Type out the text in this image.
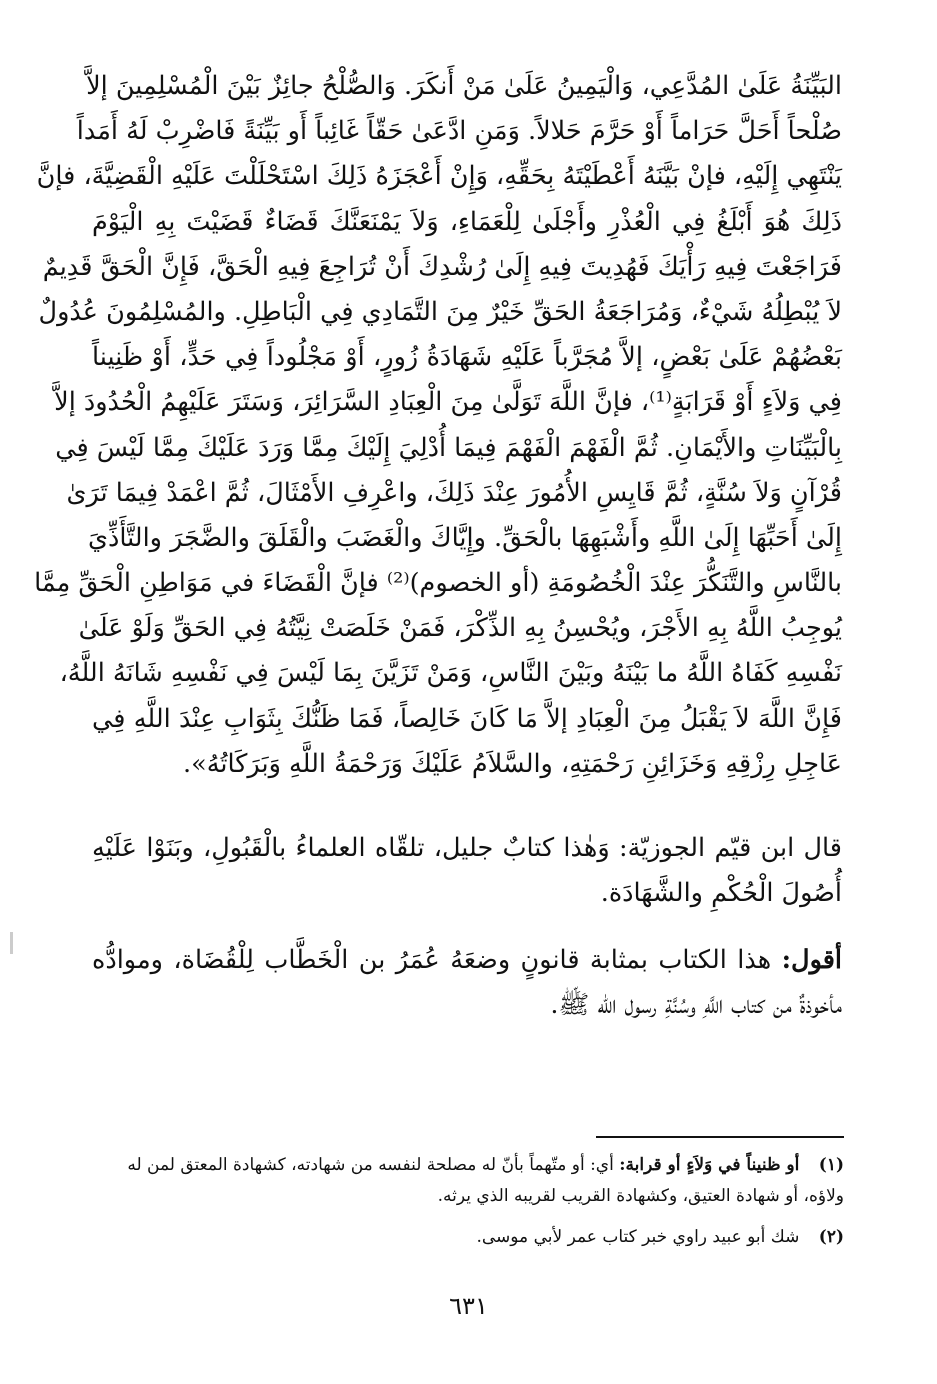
البَيِّنَةُ عَلَىٰ المُدَّعِي، وَالْيَمِينُ عَلَىٰ مَنْ أَنكَرَ. وَالصُّلْحُ جائِزٌ بَيْنَ الْمُسْلِمِينَ إلاَّ
صُلْحاً أَحَلَّ حَرَاماً أَوْ حَرَّمَ حَلالاً. وَمَنِ ادَّعَىٰ حَقّاً غَائِباً أَو بَيِّنَةً فَاضْرِبْ لَهُ أَمَداً
يَنْتَهِي إِلَيْهِ، فإنْ بَيَّنَهُ أَعْطَيْتَهُ بِحَقِّهِ، وَإِنْ أَعْجَزَهُ ذَلِكَ اسْتَحْلَلْتَ عَلَيْهِ الْقَضِيَّةَ، فإنَّ
ذَلِكَ هُوَ أَبْلَغُ فِي الْعُذْرِ وأَجْلَىٰ لِلْعَمَاءِ، وَلاَ يَمْنَعَنَّكَ قَضَاءٌ قَضَيْتَ بِهِ الْيَوْمَ
فَرَاجَعْتَ فِيهِ رَأْيَكَ فَهُدِيتَ فِيهِ إِلَىٰ رُشْدِكَ أَنْ تُرَاجِعَ فِيهِ الْحَقَّ، فَإِنَّ الْحَقَّ قَدِيمٌ
لاَ يُبْطِلُهُ شَيْءٌ، وَمُرَاجَعَةُ الحَقِّ خَيْرٌ مِنَ التَّمَادِي فِي الْبَاطِلِ. والمُسْلِمُونَ عُدُولٌ
بَعْضُهُمْ عَلَىٰ بَعْضٍ، إلاَّ مُجَرَّباً عَلَيْهِ شَهَادَةُ زُورٍ، أَوْ مَجْلُوداً فِي حَدٍّ، أَوْ ظَنِيناً
فِي وَلاَءٍ أَوْ قَرَابَةٍ⁽¹⁾، فإنَّ اللَّهَ تَوَلَّىٰ مِنَ الْعِبَادِ السَّرَائِرَ، وَسَتَرَ عَلَيْهِمُ الْحُدُودَ إلاَّ
بِالْبَيِّنَاتِ والأَيْمَانِ. ثُمَّ الْفَهْمَ الْفَهْمَ فِيمَا أُدْلِيَ إِلَيْكَ مِمَّا وَرَدَ عَلَيْكَ مِمَّا لَيْسَ فِي
قُرْآنٍ وَلاَ سُنَّةٍ، ثُمَّ قَايِسِ الأُمُورَ عِنْدَ ذَلِكَ، واعْرِفِ الأَمْثَالَ، ثُمَّ اعْمَدْ فِيمَا تَرَىٰ
إِلَىٰ أَحَبِّهَا إِلَىٰ اللَّهِ وأَشْبَهِهَا بالْحَقِّ. وإِيَّاكَ والْغَضَبَ والْقَلَقَ والضَّجَرَ والتَّأَذِّيَ
بالنَّاسِ والتَّنَكُّرَ عِنْدَ الْخُصُومَةِ (أو الخصوم)⁽²⁾ فإنَّ الْقَضَاءَ في مَوَاطِنِ الْحَقِّ مِمَّا
يُوجِبُ اللَّهُ بِهِ الأَجْرَ، ويُحْسِنُ بِهِ الذِّكْرَ، فَمَنْ خَلَصَتْ نِيَّتُهُ فِي الحَقِّ وَلَوْ عَلَىٰ
نَفْسِهِ كَفَاهُ اللَّهُ ما بَيْنَهُ وبَيْنَ النَّاسِ، وَمَنْ تَزَيَّنَ بِمَا لَيْسَ فِي نَفْسِهِ شَانَهُ اللَّهُ،
فَإِنَّ اللَّهَ لاَ يَقْبَلُ مِنَ الْعِبَادِ إلاَّ مَا كَانَ خَالِصاً، فَمَا ظَنُّكَ بِثَوَابِ عِنْدَ اللَّهِ فِي
عَاجِلِ رِزْقِهِ وَخَزَائِنِ رَحْمَتِهِ، والسَّلاَمُ عَلَيْكَ وَرَحْمَةُ اللَّهِ وَبَرَكَاتُهُ».
قال ابن قيّم الجوزيّة: وَهٰذا كتابٌ جليل، تلقّاه العلماءُ بالْقَبُولِ، وبَنَوْا عَلَيْهِ
أُصُولَ الْحُكْمِ والشَّهَادَة.
أقول: هذا الكتاب بمثابة قانونٍ وضعَهُ عُمَرُ بن الْخَطَّاب لِلْقُضَاة، وموادُّه
مأخوذةٌ من كتاب اللَّهِ وسُنَّةِ رسول الله ﷺ.
(١) أو ظنيناً في وَلاَءٍ أو قرابة: أي: أو متّهماً بأنّ له مصلحة لنفسه من شهادته، كشهادة المعتق لمن له ولاؤه، أو شهادة العتيق، وكشهادة القريب لقريبه الذي يرثه.
(٢) شك أبو عبيد راوي خبر كتاب عمر لأبي موسى.
٦٣١
